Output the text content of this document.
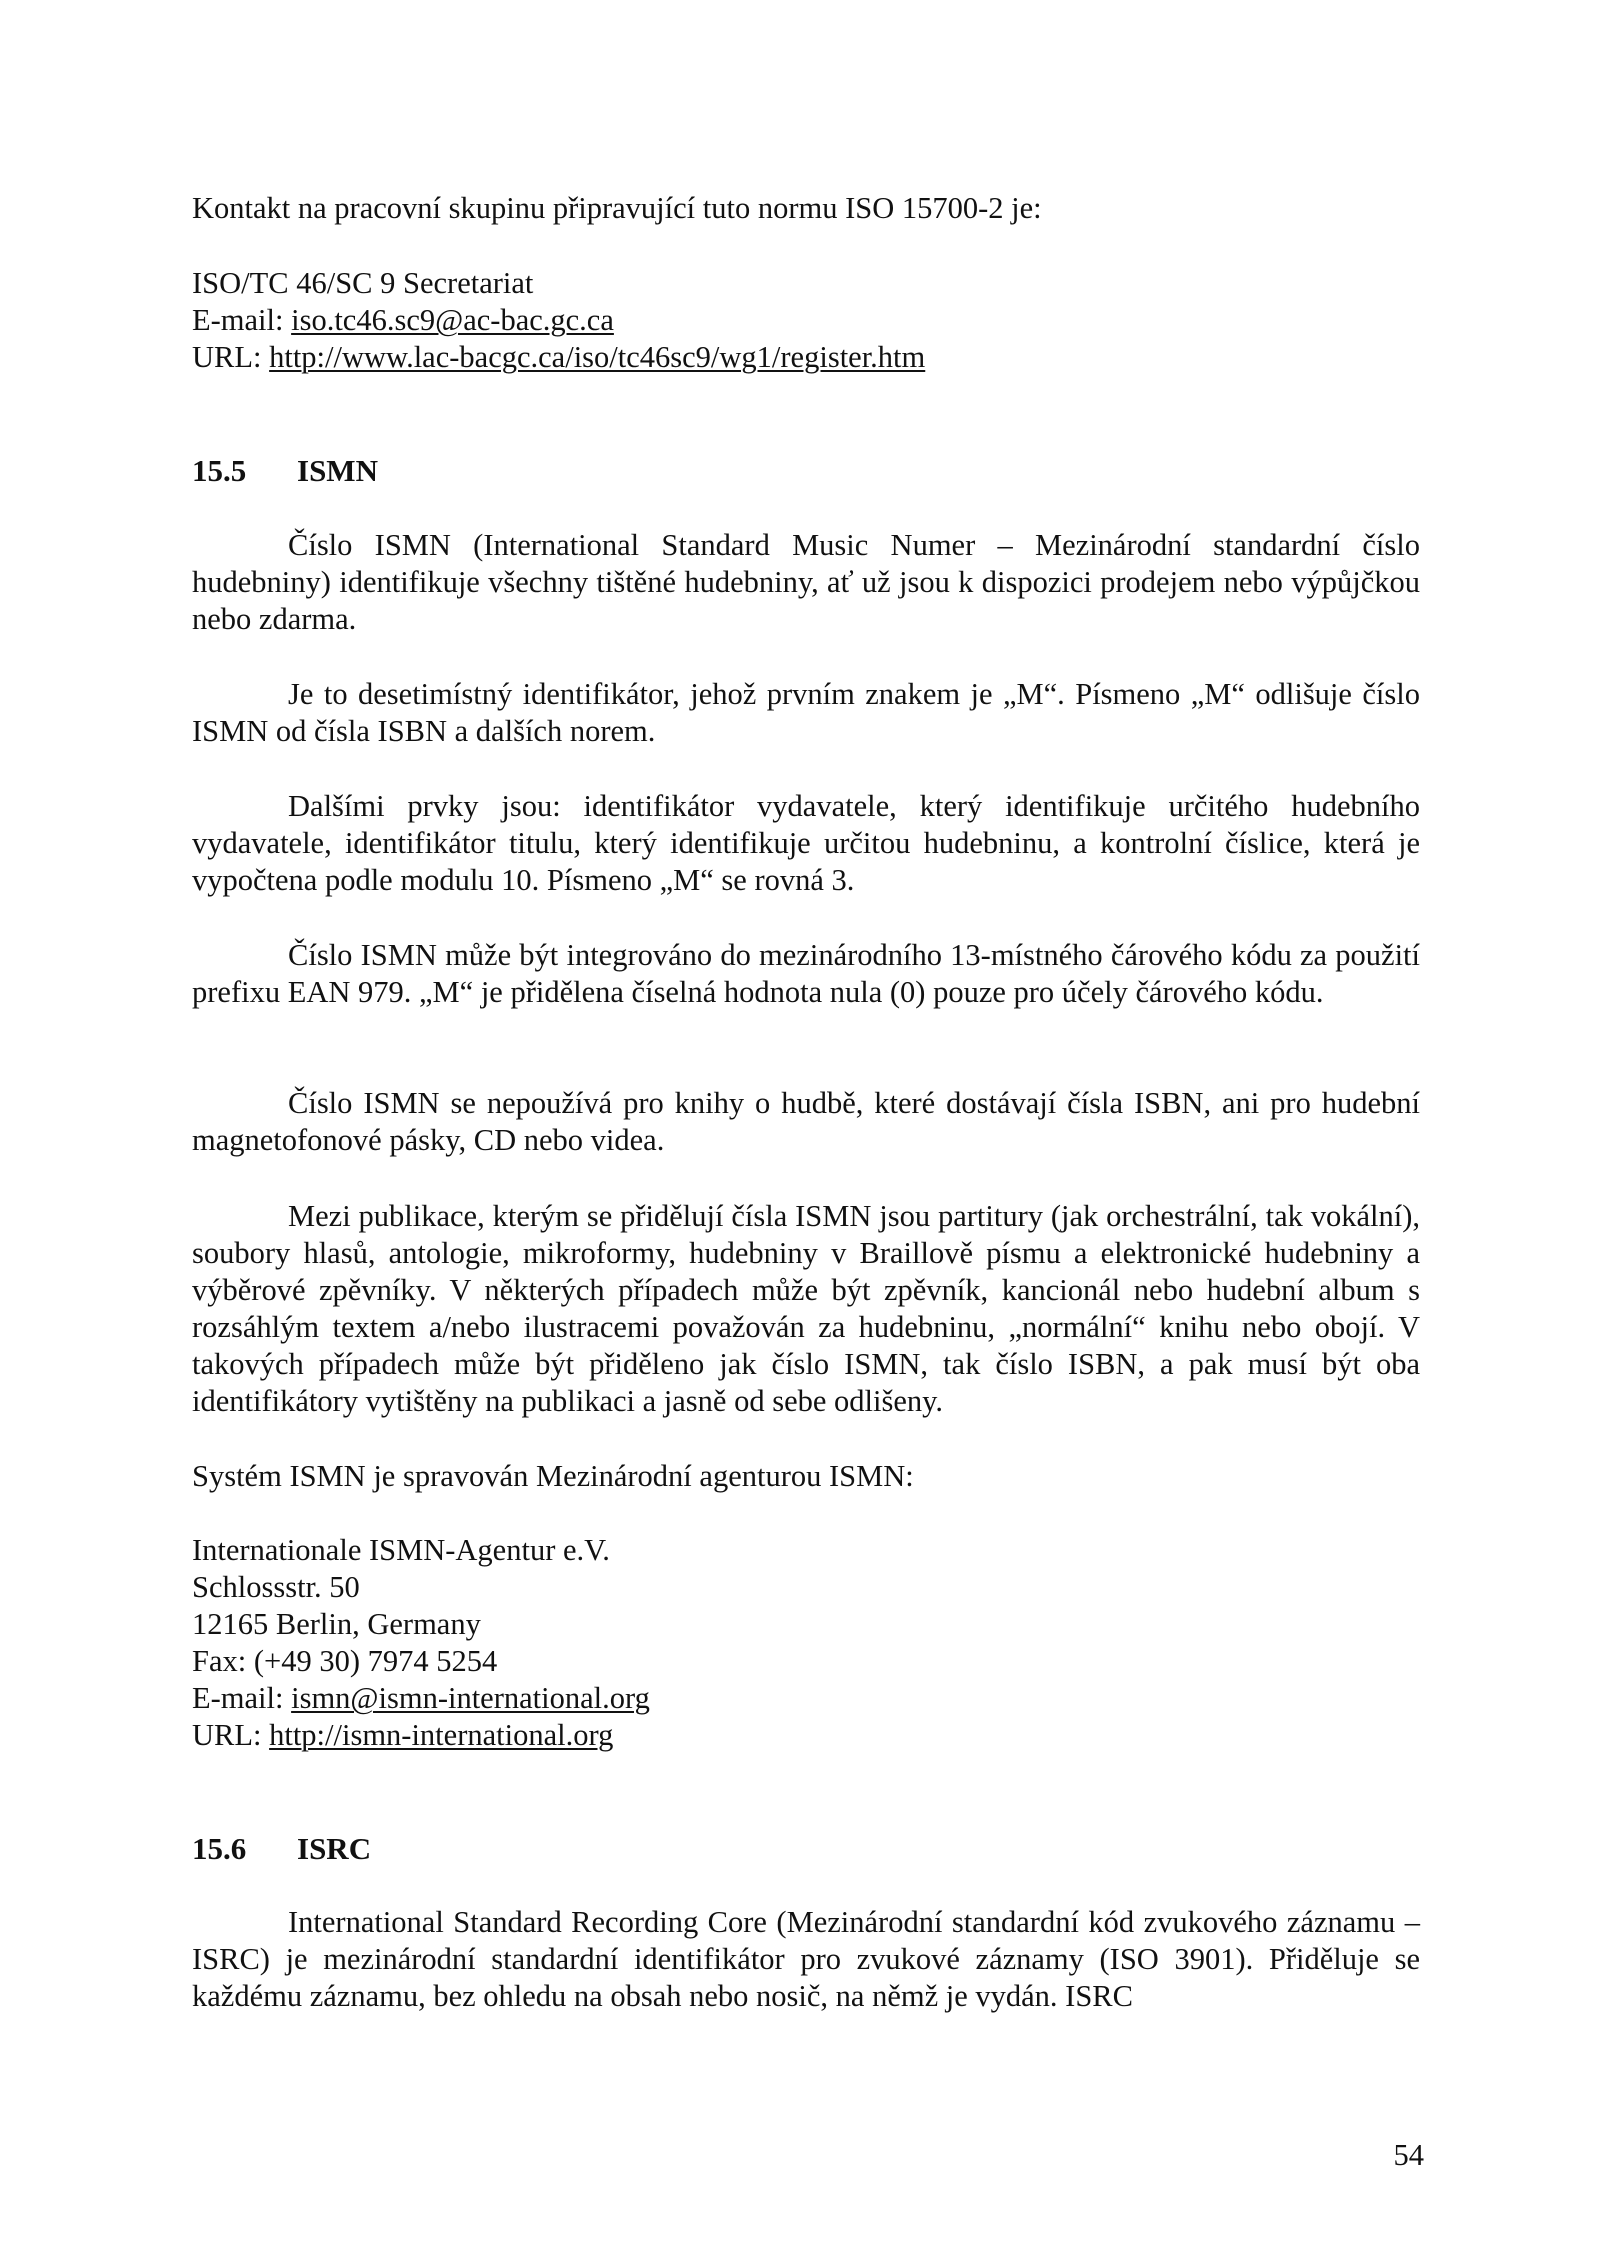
Kontakt na pracovní skupinu připravující tuto normu ISO 15700-2 je:

ISO/TC 46/SC 9 Secretariat

E-mail: iso.tc46.sc9@ac-bac.gc.ca

URL: http://www.lac-bacgc.ca/iso/tc46sc9/wg1/register.htm

15.5	ISMN

Číslo ISMN (International Standard Music Numer – Mezinárodní standardní číslo hudebniny) identifikuje všechny tištěné hudebniny, ať už jsou k dispozici prodejem nebo výpůjčkou nebo zdarma.

Je to desetimístný identifikátor, jehož prvním znakem je „M“. Písmeno „M“ odlišuje číslo ISMN od čísla ISBN a dalších norem.

Dalšími prvky jsou: identifikátor vydavatele, který identifikuje určitého hudebního vydavatele, identifikátor titulu, který identifikuje určitou hudebninu, a kontrolní číslice, která je vypočtena podle modulu 10. Písmeno „M“ se rovná 3.

Číslo ISMN může být integrováno do mezinárodního 13-místného čárového kódu za použití prefixu EAN 979. „M“ je přidělena číselná hodnota nula (0) pouze pro účely čárového kódu.

Číslo ISMN se nepoužívá pro knihy o hudbě, které dostávají čísla ISBN, ani pro hudební magnetofonové pásky, CD nebo videa.

Mezi publikace, kterým se přidělují čísla ISMN jsou partitury (jak orchestrální, tak vokální), soubory hlasů, antologie, mikroformy, hudebniny v Braillově písmu a elektronické hudebniny a výběrové zpěvníky. V některých případech může být zpěvník, kancionál nebo hudební album s rozsáhlým textem a/nebo ilustracemi považován za hudebninu, „normální“ knihu nebo obojí. V takových případech může být přiděleno jak číslo ISMN, tak číslo ISBN, a pak musí být oba identifikátory vytištěny na publikaci a jasně od sebe odlišeny.

Systém ISMN je spravován Mezinárodní agenturou ISMN:

Internationale ISMN-Agentur e.V.

Schlossstr. 50

12165 Berlin, Germany

Fax: (+49 30) 7974 5254

E-mail: ismn@ismn-international.org

URL: http://ismn-international.org

15.6	ISRC

International Standard Recording Core (Mezinárodní standardní kód zvukového záznamu – ISRC) je mezinárodní standardní identifikátor pro zvukové záznamy (ISO 3901). Přiděluje se každému záznamu, bez ohledu na obsah nebo nosič, na němž je vydán. ISRC

54
